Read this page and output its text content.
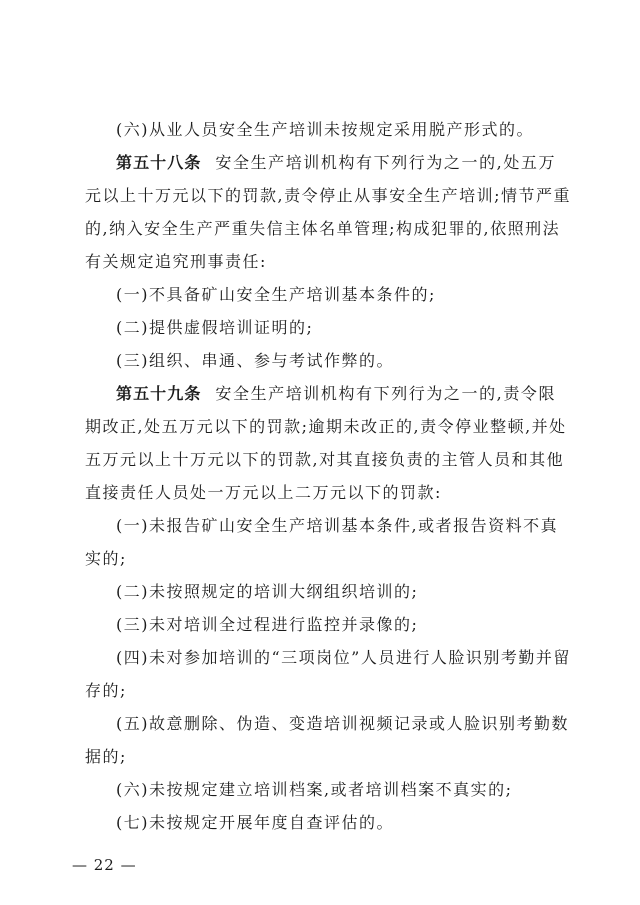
(六)从业人员安全生产培训未按规定采用脱产形式的。
第五十八条 安全生产培训机构有下列行为之一的,处五万
元以上十万元以下的罚款,责令停止从事安全生产培训;情节严重
的,纳入安全生产严重失信主体名单管理;构成犯罪的,依照刑法
有关规定追究刑事责任:
(一)不具备矿山安全生产培训基本条件的;
(二)提供虚假培训证明的;
(三)组织、串通、参与考试作弊的。
第五十九条 安全生产培训机构有下列行为之一的,责令限
期改正,处五万元以下的罚款;逾期未改正的,责令停业整顿,并处
五万元以上十万元以下的罚款,对其直接负责的主管人员和其他
直接责任人员处一万元以上二万元以下的罚款:
(一)未报告矿山安全生产培训基本条件,或者报告资料不真
实的;
(二)未按照规定的培训大纲组织培训的;
(三)未对培训全过程进行监控并录像的;
(四)未对参加培训的“三项岗位”人员进行人脸识别考勤并留
存的;
(五)故意删除、伪造、变造培训视频记录或人脸识别考勤数
据的;
(六)未按规定建立培训档案,或者培训档案不真实的;
(七)未按规定开展年度自查评估的。
— 22 —
